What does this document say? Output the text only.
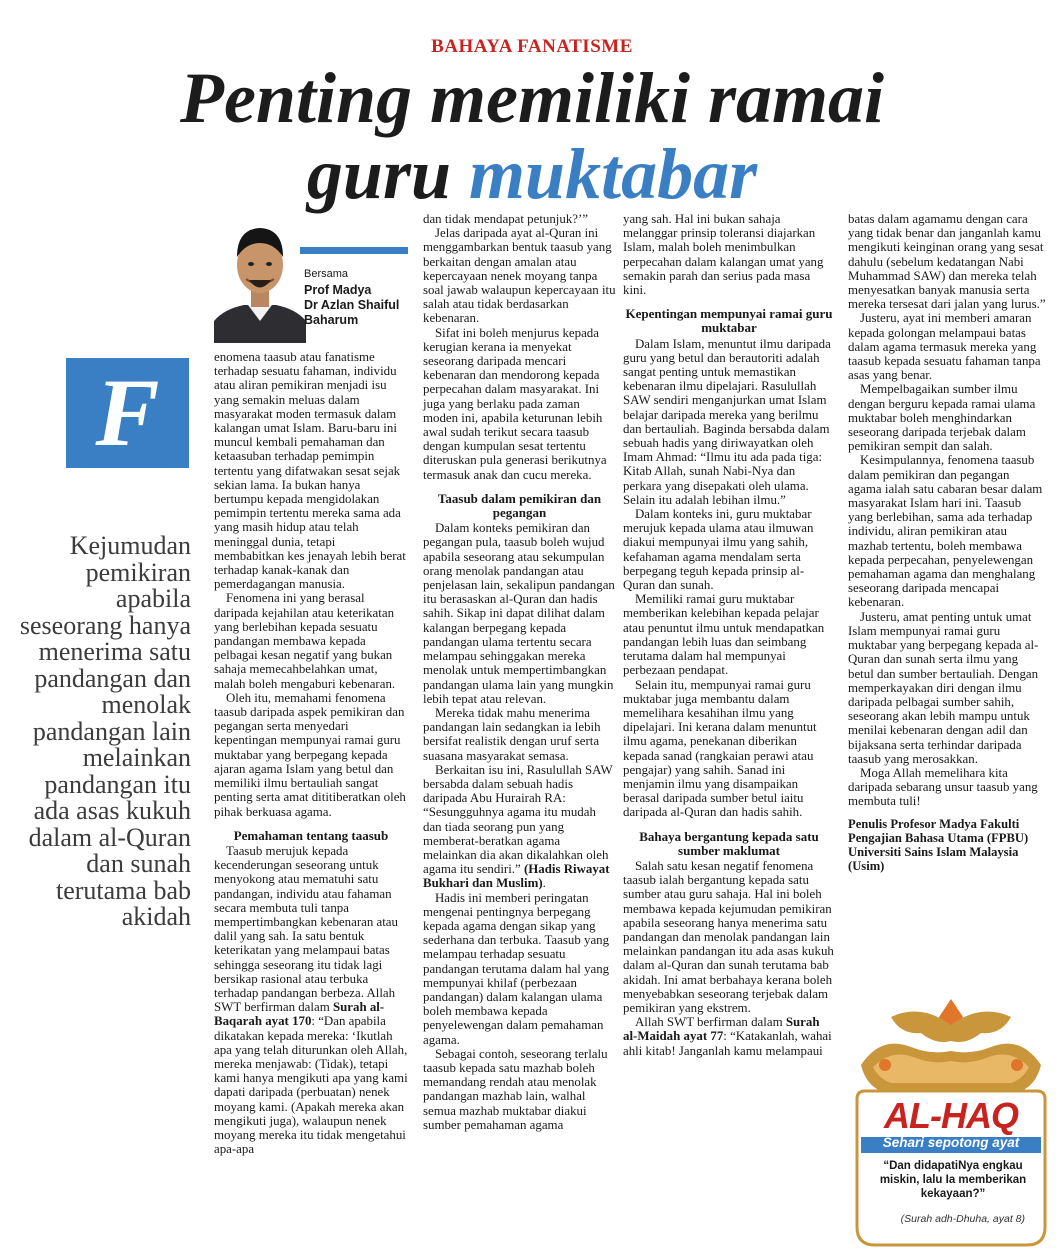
BAHAYA FANATISME
Penting memiliki ramai
guru muktabar
Bersama
Prof Madya
Dr Azlan Shaiful
Baharum
F
Kejumudan pemikiran apabila seseorang hanya menerima satu pandangan dan menolak pandangan lain melainkan pandangan itu ada asas kukuh dalam al-Quran dan sunah terutama bab akidah

enomena taasub atau fanatisme terhadap sesuatu fahaman, individu atau aliran pemikiran menjadi isu yang semakin meluas dalam masyarakat moden termasuk dalam kalangan umat Islam. Baru-baru ini muncul kembali pemahaman dan ketaasuban terhadap pemimpin tertentu yang difatwakan sesat sejak sekian lama. Ia bukan hanya bertumpu kepada mengidolakan pemimpin tertentu mereka sama ada yang masih hidup atau telah meninggal dunia, tetapi membabitkan kes jenayah lebih berat terhadap kanak-kanak dan pemerdagangan manusia.

Fenomena ini yang berasal daripada kejahilan atau keterikatan yang berlebihan kepada sesuatu pandangan membawa kepada pelbagai kesan negatif yang bukan sahaja memecahbelahkan umat, malah boleh mengaburi kebenaran.

Oleh itu, memahami fenomena taasub daripada aspek pemikiran dan pegangan serta menyedari kepentingan mempunyai ramai guru muktabar yang berpegang kepada ajaran agama Islam yang betul dan memiliki ilmu bertauliah sangat penting serta amat dititiberatkan oleh pihak berkuasa agama.

Pemahaman tentang taasub

Taasub merujuk kepada kecenderungan seseorang untuk menyokong atau mematuhi satu pandangan, individu atau fahaman secara membuta tuli tanpa mempertimbangkan kebenaran atau dalil yang sah. Ia satu bentuk keterikatan yang melampaui batas sehingga seseorang itu tidak lagi bersikap rasional atau terbuka terhadap pandangan berbeza. Allah SWT berfirman dalam Surah al-Baqarah ayat 170: “Dan apabila dikatakan kepada mereka: ‘Ikutlah apa yang telah diturunkan oleh Allah, mereka menjawab: (Tidak), tetapi kami hanya mengikuti apa yang kami dapati daripada (perbuatan) nenek moyang kami. (Apakah mereka akan mengikuti juga), walaupun nenek moyang mereka itu tidak mengetahui apa-apa

dan tidak mendapat petunjuk?’”

Jelas daripada ayat al-Quran ini menggambarkan bentuk taasub yang berkaitan dengan amalan atau kepercayaan nenek moyang tanpa soal jawab walaupun kepercayaan itu salah atau tidak berdasarkan kebenaran.

Sifat ini boleh menjurus kepada kerugian kerana ia menyekat seseorang daripada mencari kebenaran dan mendorong kepada perpecahan dalam masyarakat. Ini juga yang berlaku pada zaman moden ini, apabila keturunan lebih awal sudah terikut secara taasub dengan kumpulan sesat tertentu diteruskan pula generasi berikutnya termasuk anak dan cucu mereka.

Taasub dalam pemikiran dan pegangan

Dalam konteks pemikiran dan pegangan pula, taasub boleh wujud apabila seseorang atau sekumpulan orang menolak pandangan atau penjelasan lain, sekalipun pandangan itu berasaskan al-Quran dan hadis sahih. Sikap ini dapat dilihat dalam kalangan berpegang kepada pandangan ulama tertentu secara melampau sehinggakan mereka menolak untuk mempertimbangkan pandangan ulama lain yang mungkin lebih tepat atau relevan.

Mereka tidak mahu menerima pandangan lain sedangkan ia lebih bersifat realistik dengan uruf serta suasana masyarakat semasa.

Berkaitan isu ini, Rasulullah SAW bersabda dalam sebuah hadis daripada Abu Hurairah RA: “Sesungguhnya agama itu mudah dan tiada seorang pun yang memberat-beratkan agama melainkan dia akan dikalahkan oleh agama itu sendiri.” (Hadis Riwayat Bukhari dan Muslim).

Hadis ini memberi peringatan mengenai pentingnya berpegang kepada agama dengan sikap yang sederhana dan terbuka. Taasub yang melampau terhadap sesuatu pandangan terutama dalam hal yang mempunyai khilaf (perbezaan pandangan) dalam kalangan ulama boleh membawa kepada penyelewengan dalam pemahaman agama.

Sebagai contoh, seseorang terlalu taasub kepada satu mazhab boleh memandang rendah atau menolak pandangan mazhab lain, walhal semua mazhab muktabar diakui sumber pemahaman agama

yang sah. Hal ini bukan sahaja melanggar prinsip toleransi diajarkan Islam, malah boleh menimbulkan perpecahan dalam kalangan umat yang semakin parah dan serius pada masa kini.

Kepentingan mempunyai ramai guru muktabar

Dalam Islam, menuntut ilmu daripada guru yang betul dan berautoriti adalah sangat penting untuk memastikan kebenaran ilmu dipelajari. Rasulullah SAW sendiri menganjurkan umat Islam belajar daripada mereka yang berilmu dan bertauliah. Baginda bersabda dalam sebuah hadis yang diriwayatkan oleh Imam Ahmad: “Ilmu itu ada pada tiga: Kitab Allah, sunah Nabi-Nya dan perkara yang disepakati oleh ulama. Selain itu adalah lebihan ilmu.”

Dalam konteks ini, guru muktabar merujuk kepada ulama atau ilmuwan diakui mempunyai ilmu yang sahih, kefahaman agama mendalam serta berpegang teguh kepada prinsip al-Quran dan sunah.

Memiliki ramai guru muktabar memberikan kelebihan kepada pelajar atau penuntut ilmu untuk mendapatkan pandangan lebih luas dan seimbang terutama dalam hal mempunyai perbezaan pendapat.

Selain itu, mempunyai ramai guru muktabar juga membantu dalam memelihara kesahihan ilmu yang dipelajari. Ini kerana dalam menuntut ilmu agama, penekanan diberikan kepada sanad (rangkaian perawi atau pengajar) yang sahih. Sanad ini menjamin ilmu yang disampaikan berasal daripada sumber betul iaitu daripada al-Quran dan hadis sahih.

Bahaya bergantung kepada satu sumber maklumat

Salah satu kesan negatif fenomena taasub ialah bergantung kepada satu sumber atau guru sahaja. Hal ini boleh membawa kepada kejumudan pemikiran apabila seseorang hanya menerima satu pandangan dan menolak pandangan lain melainkan pandangan itu ada asas kukuh dalam al-Quran dan sunah terutama bab akidah. Ini amat berbahaya kerana boleh menyebabkan seseorang terjebak dalam pemikiran yang ekstrem.

Allah SWT berfirman dalam Surah al-Maidah ayat 77: “Katakanlah, wahai ahli kitab! Janganlah kamu melampaui

batas dalam agamamu dengan cara yang tidak benar dan janganlah kamu mengikuti keinginan orang yang sesat dahulu (sebelum kedatangan Nabi Muhammad SAW) dan mereka telah menyesatkan banyak manusia serta mereka tersesat dari jalan yang lurus.”

Justeru, ayat ini memberi amaran kepada golongan melampaui batas dalam agama termasuk mereka yang taasub kepada sesuatu fahaman tanpa asas yang benar.

Mempelbagaikan sumber ilmu dengan berguru kepada ramai ulama muktabar boleh menghindarkan seseorang daripada terjebak dalam pemikiran sempit dan salah.

Kesimpulannya, fenomena taasub dalam pemikiran dan pegangan agama ialah satu cabaran besar dalam masyarakat Islam hari ini. Taasub yang berlebihan, sama ada terhadap individu, aliran pemikiran atau mazhab tertentu, boleh membawa kepada perpecahan, penyelewengan pemahaman agama dan menghalang seseorang daripada mencapai kebenaran.

Justeru, amat penting untuk umat Islam mempunyai ramai guru muktabar yang berpegang kepada al-Quran dan sunah serta ilmu yang betul dan sumber bertauliah. Dengan memperkayakan diri dengan ilmu daripada pelbagai sumber sahih, seseorang akan lebih mampu untuk menilai kebenaran dengan adil dan bijaksana serta terhindar daripada taasub yang merosakkan.

Moga Allah memelihara kita daripada sebarang unsur taasub yang membuta tuli!

Penulis Profesor Madya Fakulti Pengajian Bahasa Utama (FPBU) Universiti Sains Islam Malaysia (Usim)

AL-HAQ
Sehari sepotong ayat
“Dan didapatiNya engkau miskin, lalu Ia memberikan kekayaan?”
(Surah adh-Dhuha, ayat 8)
